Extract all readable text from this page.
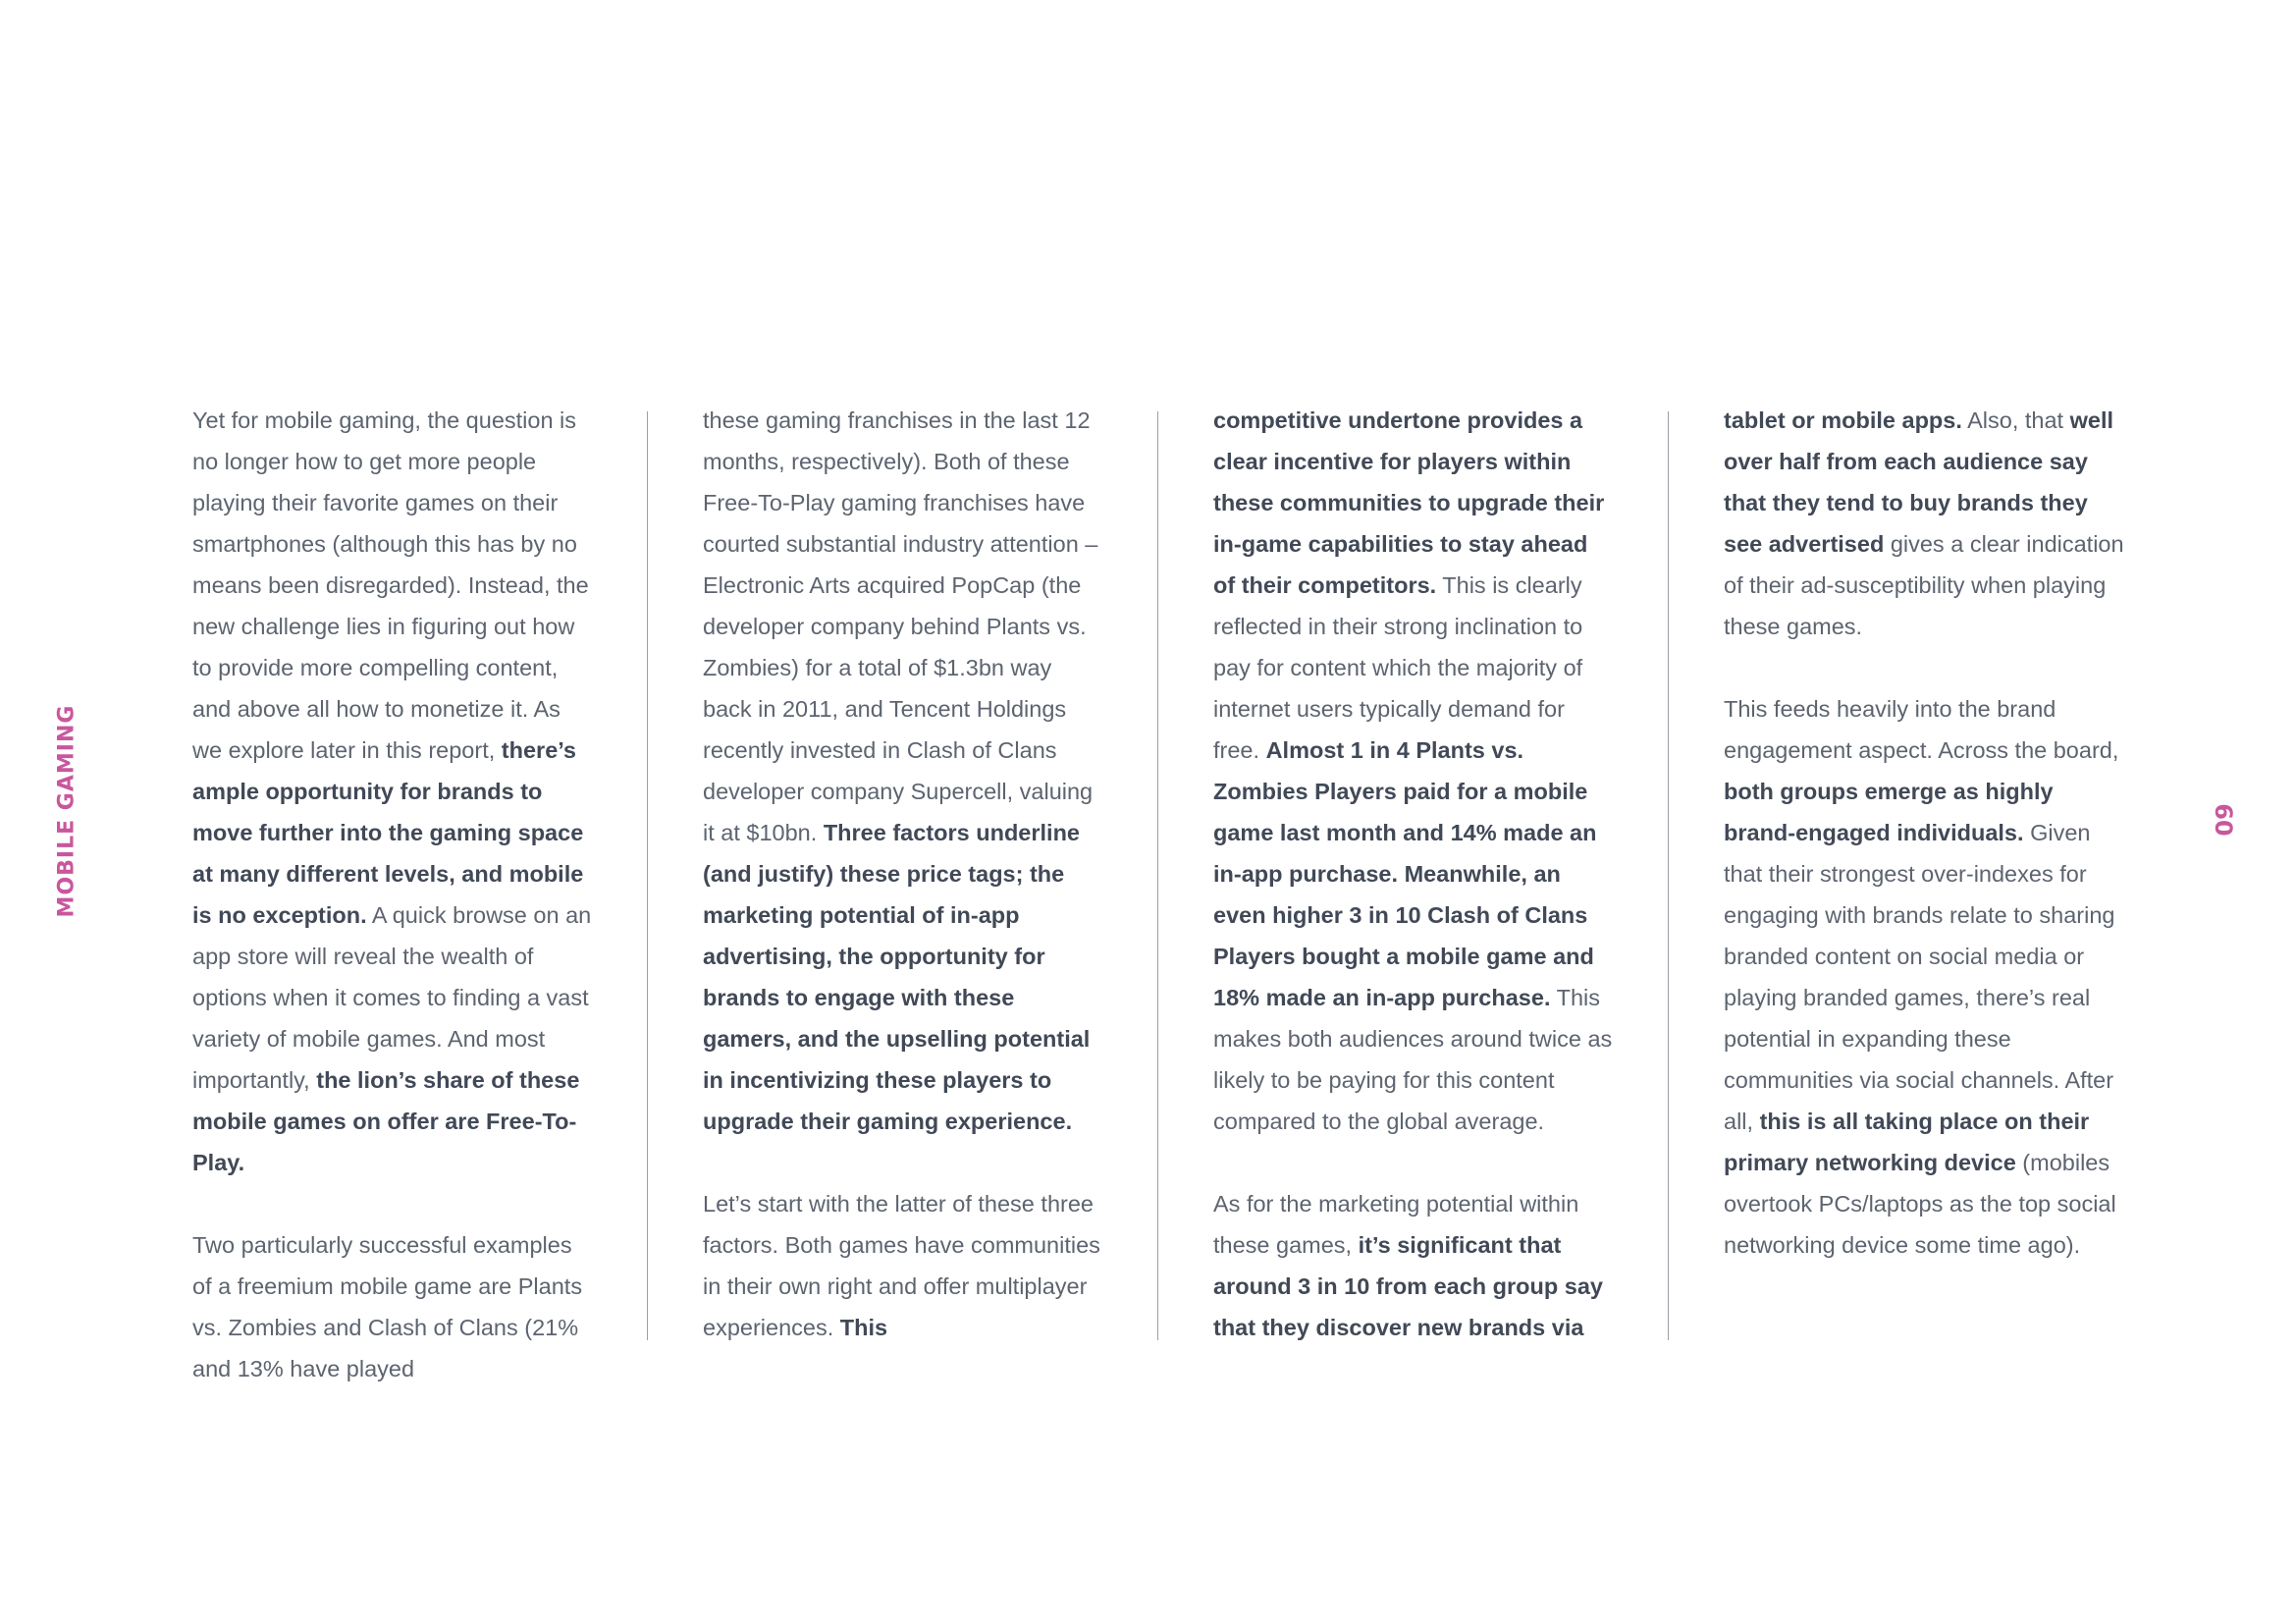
MOBILE GAMING	60

Yet for mobile gaming, the question is no longer how to get more people playing their favorite games on their smartphones (although this has by no means been disregarded). Instead, the new challenge lies in figuring out how to provide more compelling content, and above all how to monetize it. As we explore later in this report, there’s ample opportunity for brands to move further into the gaming space at many different levels, and mobile is no exception. A quick browse on an app store will reveal the wealth of options when it comes to finding a vast variety of mobile games. And most importantly, the lion’s share of these mobile games on offer are Free-To-Play.

Two particularly successful examples of a freemium mobile game are Plants vs. Zombies and Clash of Clans (21% and 13% have played

these gaming franchises in the last 12 months, respectively). Both of these Free-To-Play gaming franchises have courted substantial industry attention – Electronic Arts acquired PopCap (the developer company behind Plants vs. Zombies) for a total of $1.3bn way back in 2011, and Tencent Holdings recently invested in Clash of Clans developer company Supercell, valuing it at $10bn. Three factors underline (and justify) these price tags; the marketing potential of in-app advertising, the opportunity for brands to engage with these gamers, and the upselling potential in incentivizing these players to upgrade their gaming experience.

Let’s start with the latter of these three factors. Both games have communities in their own right and offer multiplayer experiences. This

competitive undertone provides a clear incentive for players within these communities to upgrade their in-game capabilities to stay ahead of their competitors. This is clearly reflected in their strong inclination to pay for content which the majority of internet users typically demand for free. Almost 1 in 4 Plants vs. Zombies Players paid for a mobile game last month and 14% made an in-app purchase. Meanwhile, an even higher 3 in 10 Clash of Clans Players bought a mobile game and 18% made an in-app purchase. This makes both audiences around twice as likely to be paying for this content compared to the global average.

As for the marketing potential within these games, it’s significant that around 3 in 10 from each group say that they discover new brands via

tablet or mobile apps. Also, that well over half from each audience say that they tend to buy brands they see advertised gives a clear indication of their ad-susceptibility when playing these games.

This feeds heavily into the brand engagement aspect. Across the board, both groups emerge as highly brand-engaged individuals. Given that their strongest over-indexes for engaging with brands relate to sharing branded content on social media or playing branded games, there’s real potential in expanding these communities via social channels. After all, this is all taking place on their primary networking device (mobiles overtook PCs/laptops as the top social networking device some time ago).
